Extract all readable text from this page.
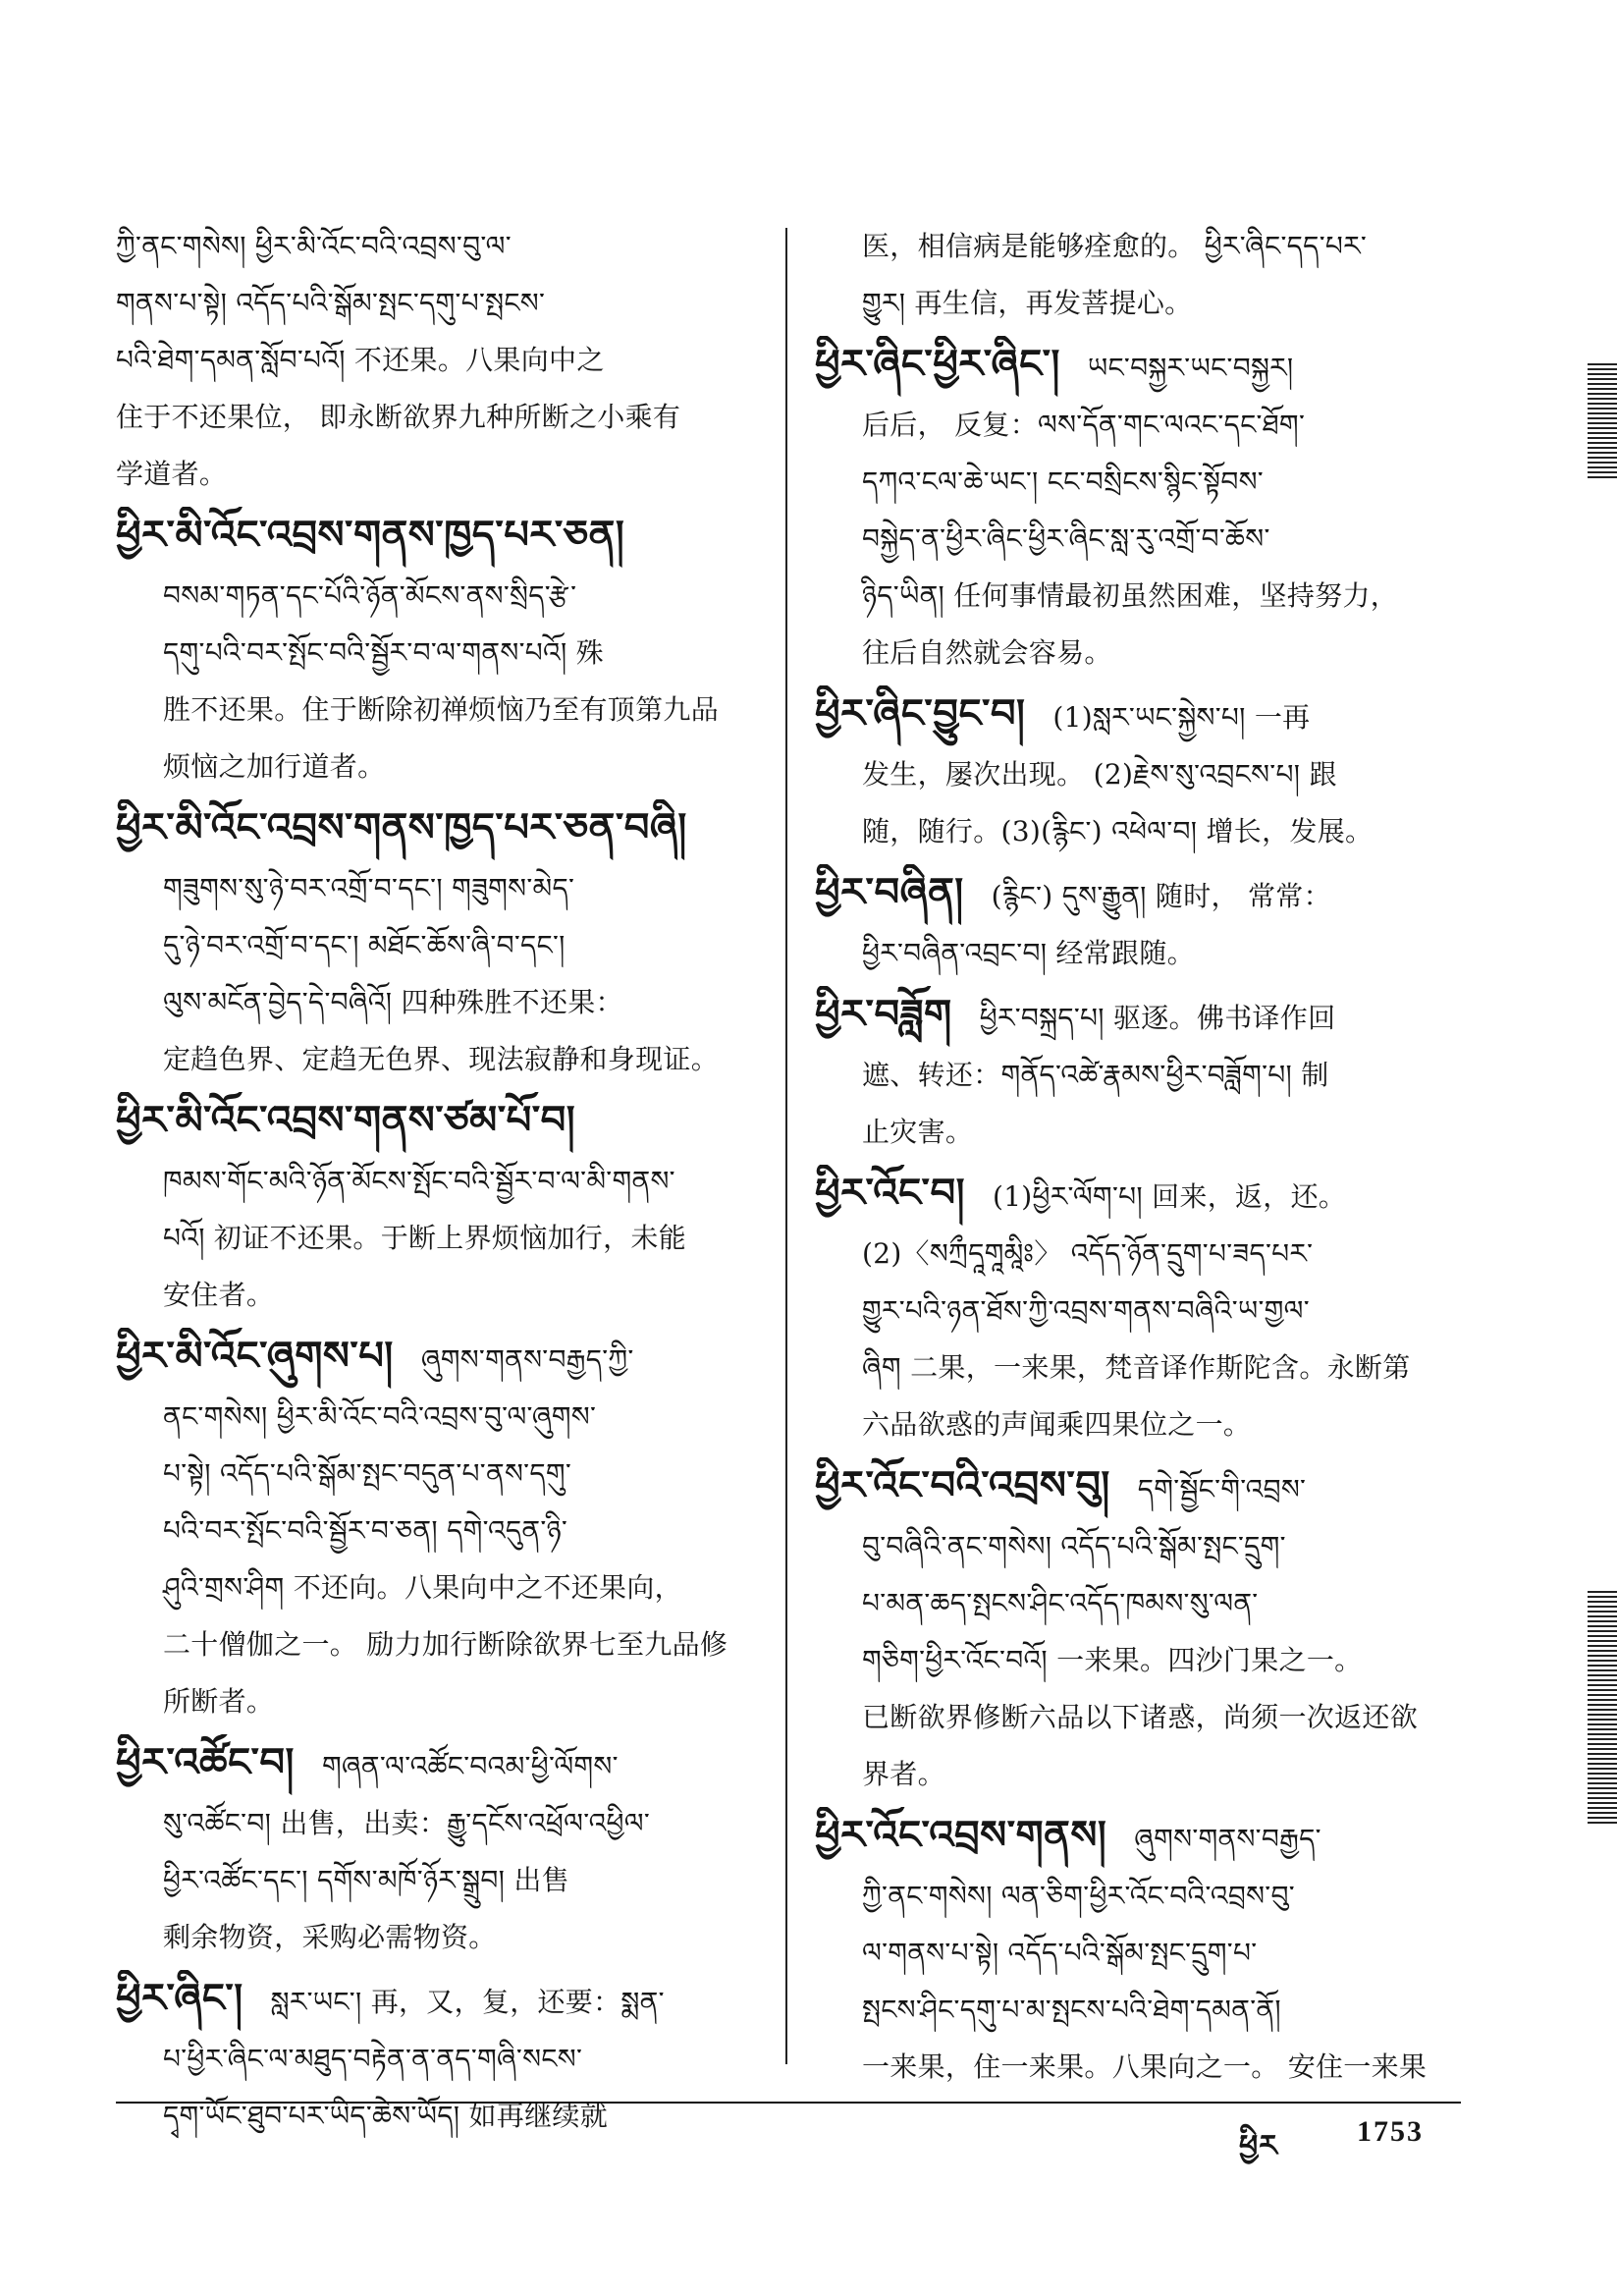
ཀྱི་ནང་གསེས། ཕྱིར་མི་འོང་བའི་འབྲས་བུ་ལ་
གནས་པ་སྟེ། འདོད་པའི་སྒོམ་སྤང་དགུ་པ་སྤངས་
པའི་ཐེག་དམན་སློབ་པའོ། 不还果。八果向中之
住于不还果位， 即永断欲界九种所断之小乘有
学道者。
ཕྱིར་མི་འོང་འབྲས་གནས་ཁྱད་པར་ཅན།
བསམ་གཏན་དང་པོའི་ཉོན་མོངས་ནས་སྲིད་རྩེ་
དགུ་པའི་བར་སྤོང་བའི་སྦྱོར་བ་ལ་གནས་པའོ། 殊
胜不还果。住于断除初禅烦恼乃至有顶第九品
烦恼之加行道者。
ཕྱིར་མི་འོང་འབྲས་གནས་ཁྱད་པར་ཅན་བཞི།
གཟུགས་སུ་ཉེ་བར་འགྲོ་བ་དང་། གཟུགས་མེད་
དུ་ཉེ་བར་འགྲོ་བ་དང་། མཐོང་ཆོས་ཞི་བ་དང་།
ལུས་མངོན་བྱེད་དེ་བཞིའོ། 四种殊胜不还果：
定趋色界、定趋无色界、现法寂静和身现证。
ཕྱིར་མི་འོང་འབྲས་གནས་ཙམ་པོ་བ།
ཁམས་གོང་མའི་ཉོན་མོངས་སྤོང་བའི་སྦྱོར་བ་ལ་མི་གནས་
པའོ། 初证不还果。于断上界烦恼加行，未能
安住者。
ཕྱིར་མི་འོང་ཞུགས་པ། ཞུགས་གནས་བརྒྱད་ཀྱི་
ནང་གསེས། ཕྱིར་མི་འོང་བའི་འབྲས་བུ་ལ་ཞུགས་
པ་སྟེ། འདོད་པའི་སྒོམ་སྤང་བདུན་པ་ནས་དགུ་
པའི་བར་སྤོང་བའི་སྦྱོར་བ་ཅན། དགེ་འདུན་ཉི་
ཤུའི་གྲས་ཤིག 不还向。八果向中之不还果向，
二十僧伽之一。 励力加行断除欲界七至九品修
所断者。
ཕྱིར་འཚོང་བ། གཞན་ལ་འཚོང་བའམ་ཕྱི་ལོགས་
སུ་འཚོང་བ། 出售，出卖：རྒྱུ་དངོས་འཕྲོལ་འཕྱིལ་
ཕྱིར་འཚོང་དང་། དགོས་མཁོ་ཉོར་སྒྲུབ། 出售
剩余物资，采购必需物资。
ཕྱིར་ཞིང་། སླར་ཡང་། 再，又，复，还要：སྨན་
པ་ཕྱིར་ཞིང་ལ་མཐུད་བརྟེན་ན་ནད་གཞི་སངས་
དྭག་ཡོང་ཐུབ་པར་ཡིད་ཆེས་ཡོད། 如再继续就
医，相信病是能够痊愈的。 ཕྱིར་ཞིང་དད་པར་
གྱུར། 再生信，再发菩提心。
ཕྱིར་ཞིང་ཕྱིར་ཞིང་། ཡང་བསྐྱར་ཡང་བསྐྱར།
后后， 反复：ལས་དོན་གང་ལའང་དང་ཐོག་
དཀའ་ངལ་ཆེ་ཡང་། ངང་བསྲིངས་སྙིང་སྟོབས་
བསྐྱེད་ན་ཕྱིར་ཞིང་ཕྱིར་ཞིང་སླ་རུ་འགྲོ་བ་ཆོས་
ཉིད་ཡིན། 任何事情最初虽然困难，坚持努力，
往后自然就会容易。
ཕྱིར་ཞིང་བྱུང་བ། (1)སླར་ཡང་སྐྱེས་པ། 一再
发生，屡次出现。 (2)རྗེས་སུ་འབྲངས་པ། 跟
随，随行。(3)(རྙིང་) འཕེལ་བ། 增长，发展。
ཕྱིར་བཞིན། (རྙིང་) དུས་རྒྱུན། 随时， 常常：
ཕྱིར་བཞིན་འབྲང་བ། 经常跟随。
ཕྱིར་བཟློག ཕྱིར་བསྐྲད་པ། 驱逐。佛书译作回
遮、转还：གནོད་འཚེ་རྣམས་ཕྱིར་བཟློག་པ། 制
止灾害。
ཕྱིར་འོང་བ། (1)ཕྱིར་ལོག་པ། 回来，返，还。
(2)〈སཀྲྀདཱགཱམཱིཿ〉 འདོད་ཉོན་དྲུག་པ་ཟད་པར་
གྱུར་པའི་ཉན་ཐོས་ཀྱི་འབྲས་གནས་བཞིའི་ཡ་གྱལ་
ཞིག 二果，一来果，梵音译作斯陀含。永断第
六品欲惑的声闻乘四果位之一。
ཕྱིར་འོང་བའི་འབྲས་བུ། དགེ་སྦྱོང་གི་འབྲས་
བུ་བཞིའི་ནང་གསེས། འདོད་པའི་སྒོམ་སྤང་དྲུག་
པ་མན་ཆད་སྤངས་ཤིང་འདོད་ཁམས་སུ་ལན་
གཅིག་ཕྱིར་འོང་བའོ། 一来果。四沙门果之一。
已断欲界修断六品以下诸惑，尚须一次返还欲
界者。
ཕྱིར་འོང་འབྲས་གནས། ཞུགས་གནས་བརྒྱད་
ཀྱི་ནང་གསེས། ལན་ཅིག་ཕྱིར་འོང་བའི་འབྲས་བུ་
ལ་གནས་པ་སྟེ། འདོད་པའི་སྒོམ་སྤང་དྲུག་པ་
སྤངས་ཤིང་དགུ་པ་མ་སྤངས་པའི་ཐེག་དམན་ནོ།
一来果，住一来果。八果向之一。 安住一来果
ཕྱིར	1753
